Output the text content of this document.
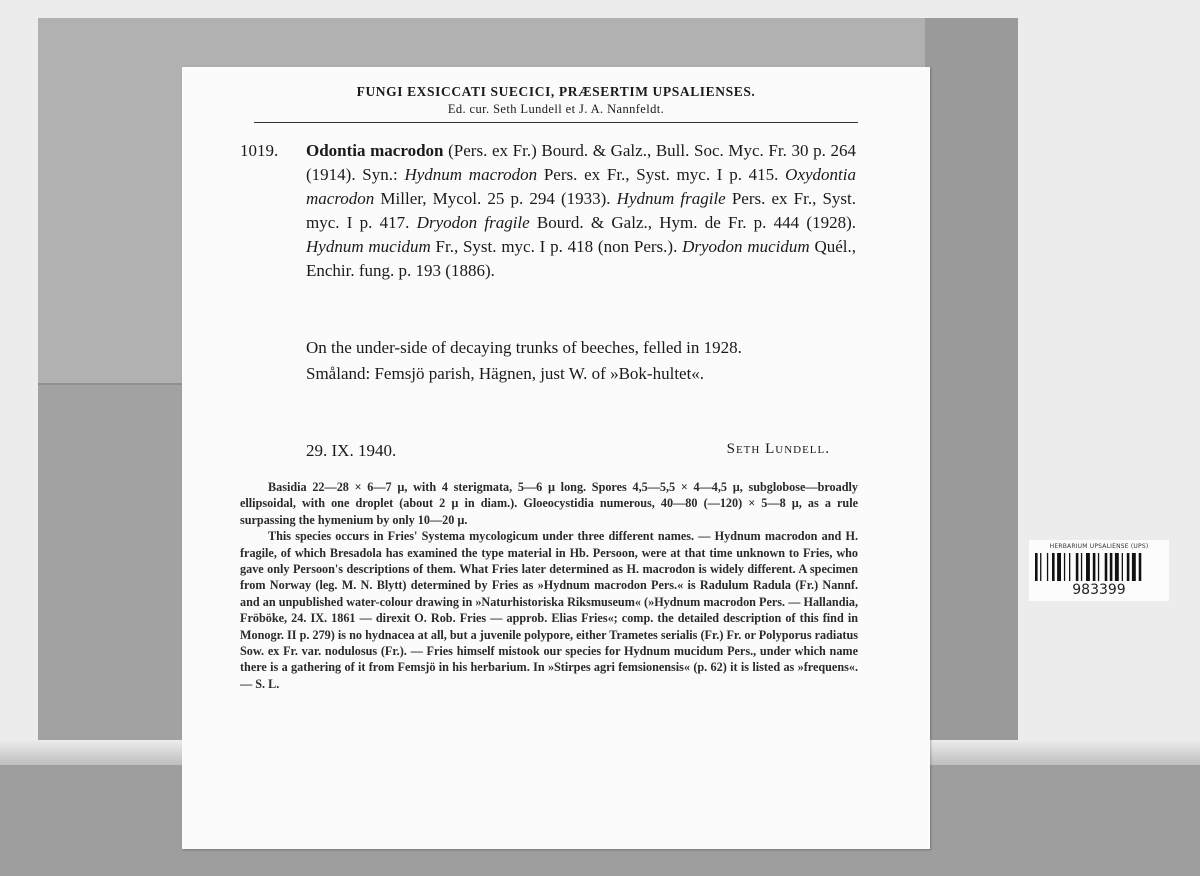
FUNGI EXSICCATI SUECICI, PRÆSERTIM UPSALIENSES.
Ed. cur. Seth Lundell et J. A. Nannfeldt.
1019. Odontia macrodon (Pers. ex Fr.) Bourd. & Galz., Bull. Soc. Myc. Fr. 30 p. 264 (1914). Syn.: Hydnum macrodon Pers. ex Fr., Syst. myc. I p. 415. Oxydontia macrodon Miller, Mycol. 25 p. 294 (1933). Hydnum fragile Pers. ex Fr., Syst. myc. I p. 417. Dryodon fragile Bourd. & Galz., Hym. de Fr. p. 444 (1928). Hydnum mucidum Fr., Syst. myc. I p. 418 (non Pers.). Dryodon mucidum Quél., Enchir. fung. p. 193 (1886).

On the under-side of decaying trunks of beeches, felled in 1928.

Småland: Femsjö parish, Hägnen, just W. of »Bok-hultet«.

29. IX. 1940.	Seth Lundell.

Basidia 22—28 × 6—7 µ, with 4 sterigmata, 5—6 µ long. Spores 4,5—5,5 × 4—4,5 µ, subglobose—broadly ellipsoidal, with one droplet (about 2 µ in diam.). Gloeocystidia numerous, 40—80 (—120) × 5—8 µ, as a rule surpassing the hymenium by only 10—20 µ.

This species occurs in Fries' Systema mycologicum under three different names. — Hydnum macrodon and H. fragile, of which Bresadola has examined the type material in Hb. Persoon, were at that time unknown to Fries, who gave only Persoon's descriptions of them. What Fries later determined as H. macrodon is widely different. A specimen from Norway (leg. M. N. Blytt) determined by Fries as »Hydnum macrodon Pers.« is Radulum Radula (Fr.) Nannf. and an unpublished water-colour drawing in »Naturhistoriska Riksmuseum« (»Hydnum macrodon Pers. — Hallandia, Fröböke, 24. IX. 1861 — direxit O. Rob. Fries — approb. Elias Fries«; comp. the detailed description of this find in Monogr. II p. 279) is no hydnacea at all, but a juvenile polypore, either Trametes serialis (Fr.) Fr. or Polyporus radiatus Sow. ex Fr. var. nodulosus (Fr.). — Fries himself mistook our species for Hydnum mucidum Pers., under which name there is a gathering of it from Femsjö in his herbarium. In »Stirpes agri femsionensis« (p. 62) it is listed as »frequens«. — S. L.

HERBARIUM UPSALIENSE (UPS)
983399
